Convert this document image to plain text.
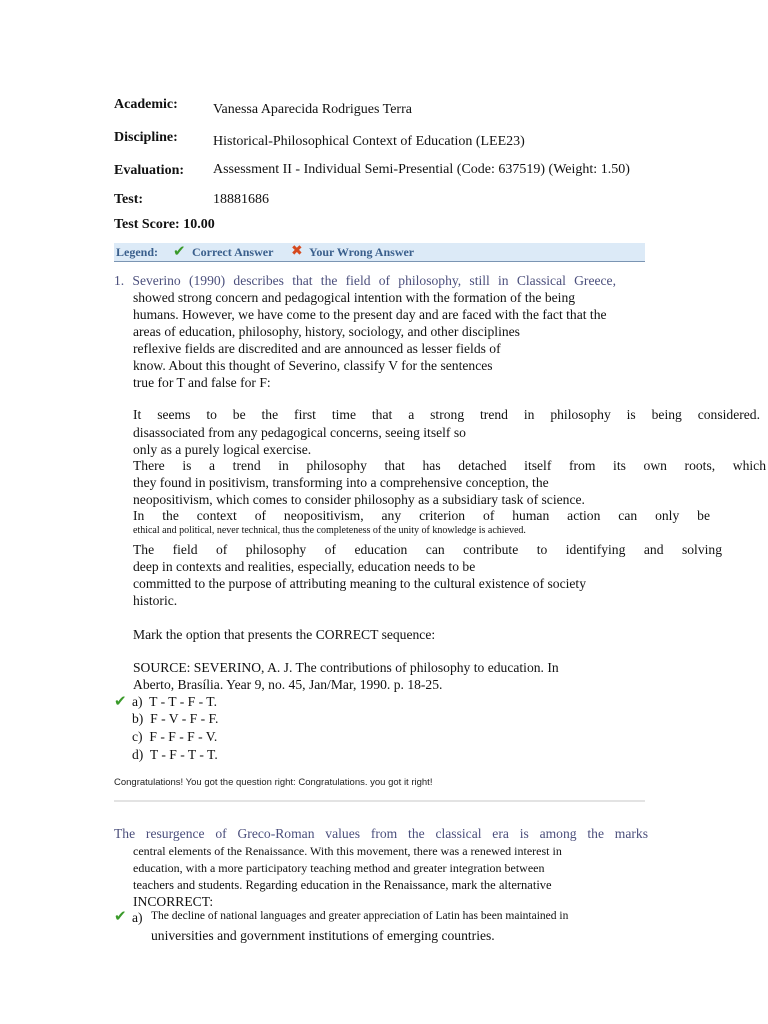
Academic:	Vanessa Aparecida Rodrigues Terra
Discipline:	Historical-Philosophical Context of Education (LEE23)
Evaluation: Assessment II - Individual Semi-Presential (Code: 637519) (Weight: 1.50)
Test:	18881686
Test Score: 10.00
Legend: ✔ Correct Answer ✖ Your Wrong Answer
1. Severino (1990) describes that the field of philosophy, still in Classical Greece,
showed strong concern and pedagogical intention with the formation of the being
humans. However, we have come to the present day and are faced with the fact that the
areas of education, philosophy, history, sociology, and other disciplines
reflexive fields are discredited and are announced as lesser fields of
know. About this thought of Severino, classify V for the sentences
true for T and false for F:
It seems to be the first time that a strong trend in philosophy is being considered.
disassociated from any pedagogical concerns, seeing itself so
only as a purely logical exercise.
There is a trend in philosophy that has detached itself from its own roots, which
they found in positivism, transforming into a comprehensive conception, the
neopositivism, which comes to consider philosophy as a subsidiary task of science.
In the context of neopositivism, any criterion of human action can only be
ethical and political, never technical, thus the completeness of the unity of knowledge is achieved.
The field of philosophy of education can contribute to identifying and solving
deep in contexts and realities, especially, education needs to be
committed to the purpose of attributing meaning to the cultural existence of society
historic.
Mark the option that presents the CORRECT sequence:
SOURCE: SEVERINO, A. J. The contributions of philosophy to education. In
Aberto, Brasília. Year 9, no. 45, Jan/Mar, 1990. p. 18-25.
✔ a) T - T - F - T.
b) F - V - F - F.
c) F - F - F - V.
d) T - F - T - T.
Congratulations! You got the question right: Congratulations. you got it right!
The resurgence of Greco-Roman values from the classical era is among the marks
central elements of the Renaissance. With this movement, there was a renewed interest in
education, with a more participatory teaching method and greater integration between
teachers and students. Regarding education in the Renaissance, mark the alternative
INCORRECT:
✔ a) The decline of national languages and greater appreciation of Latin has been maintained in
universities and government institutions of emerging countries.
